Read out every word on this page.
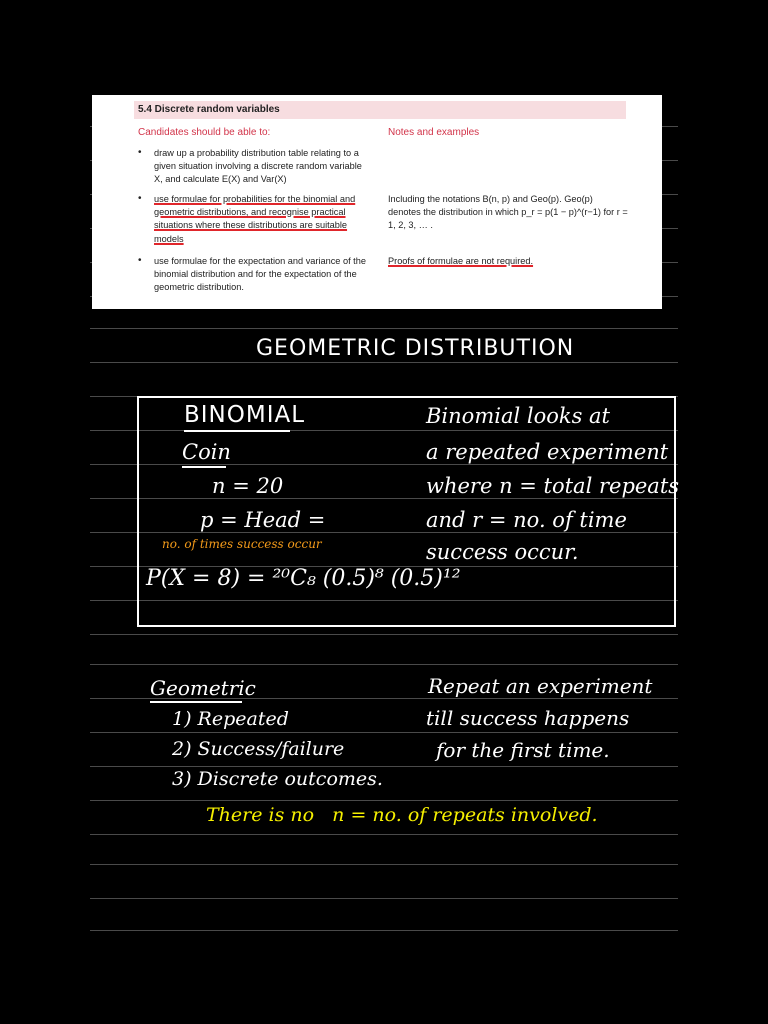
5.4 Discrete random variables
Candidates should be able to:	Notes and examples
• draw up a probability distribution table relating to a given situation involving a discrete random variable X, and calculate E(X) and Var(X)
• use formulae for probabilities for the binomial and geometric distributions, and recognise practical situations where these distributions are suitable models
Including the notations B(n, p) and Geo(p). Geo(p) denotes the distribution in which p_r = p(1 − p)^(r−1) for r = 1, 2, 3, … .
• use formulae for the expectation and variance of the binomial distribution and for the expectation of the geometric distribution.
Proofs of formulae are not required.
GEOMETRIC DISTRIBUTION
BINOMIAL
Coin
n = 20
p = Head =
no. of times success occur
P(X = 8) = ²⁰C₈ (0.5)⁸ (0.5)¹²
Binomial looks at
a repeated experiment
where n = total repeats
and r = no. of time
success occur.
Geometric
1) Repeated
2) Success/failure
3) Discrete outcomes.
Repeat an experiment
till success happens
for the first time.
There is no   n = no. of repeats involved.
